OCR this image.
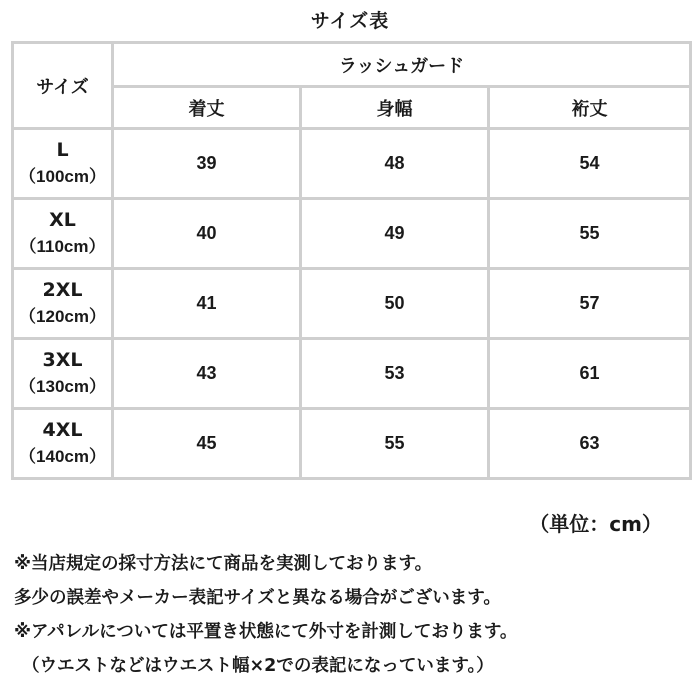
サイズ表
サイズ	ラッシュガード		
	着丈	身幅	裄丈

L
（100cm）	39	48	54

XL
（110cm）	40	49	55

2XL
（120cm）	41	50	57

3XL
（130cm）	43	53	61

4XL
（140cm）	45	55	63
（単位：cm）
※当店規定の採寸方法にて商品を実測しております。
多少の誤差やメーカー表記サイズと異なる場合がございます。
※アパレルについては平置き状態にて外寸を計測しております。
（ウエストなどはウエスト幅×2での表記になっています。）
